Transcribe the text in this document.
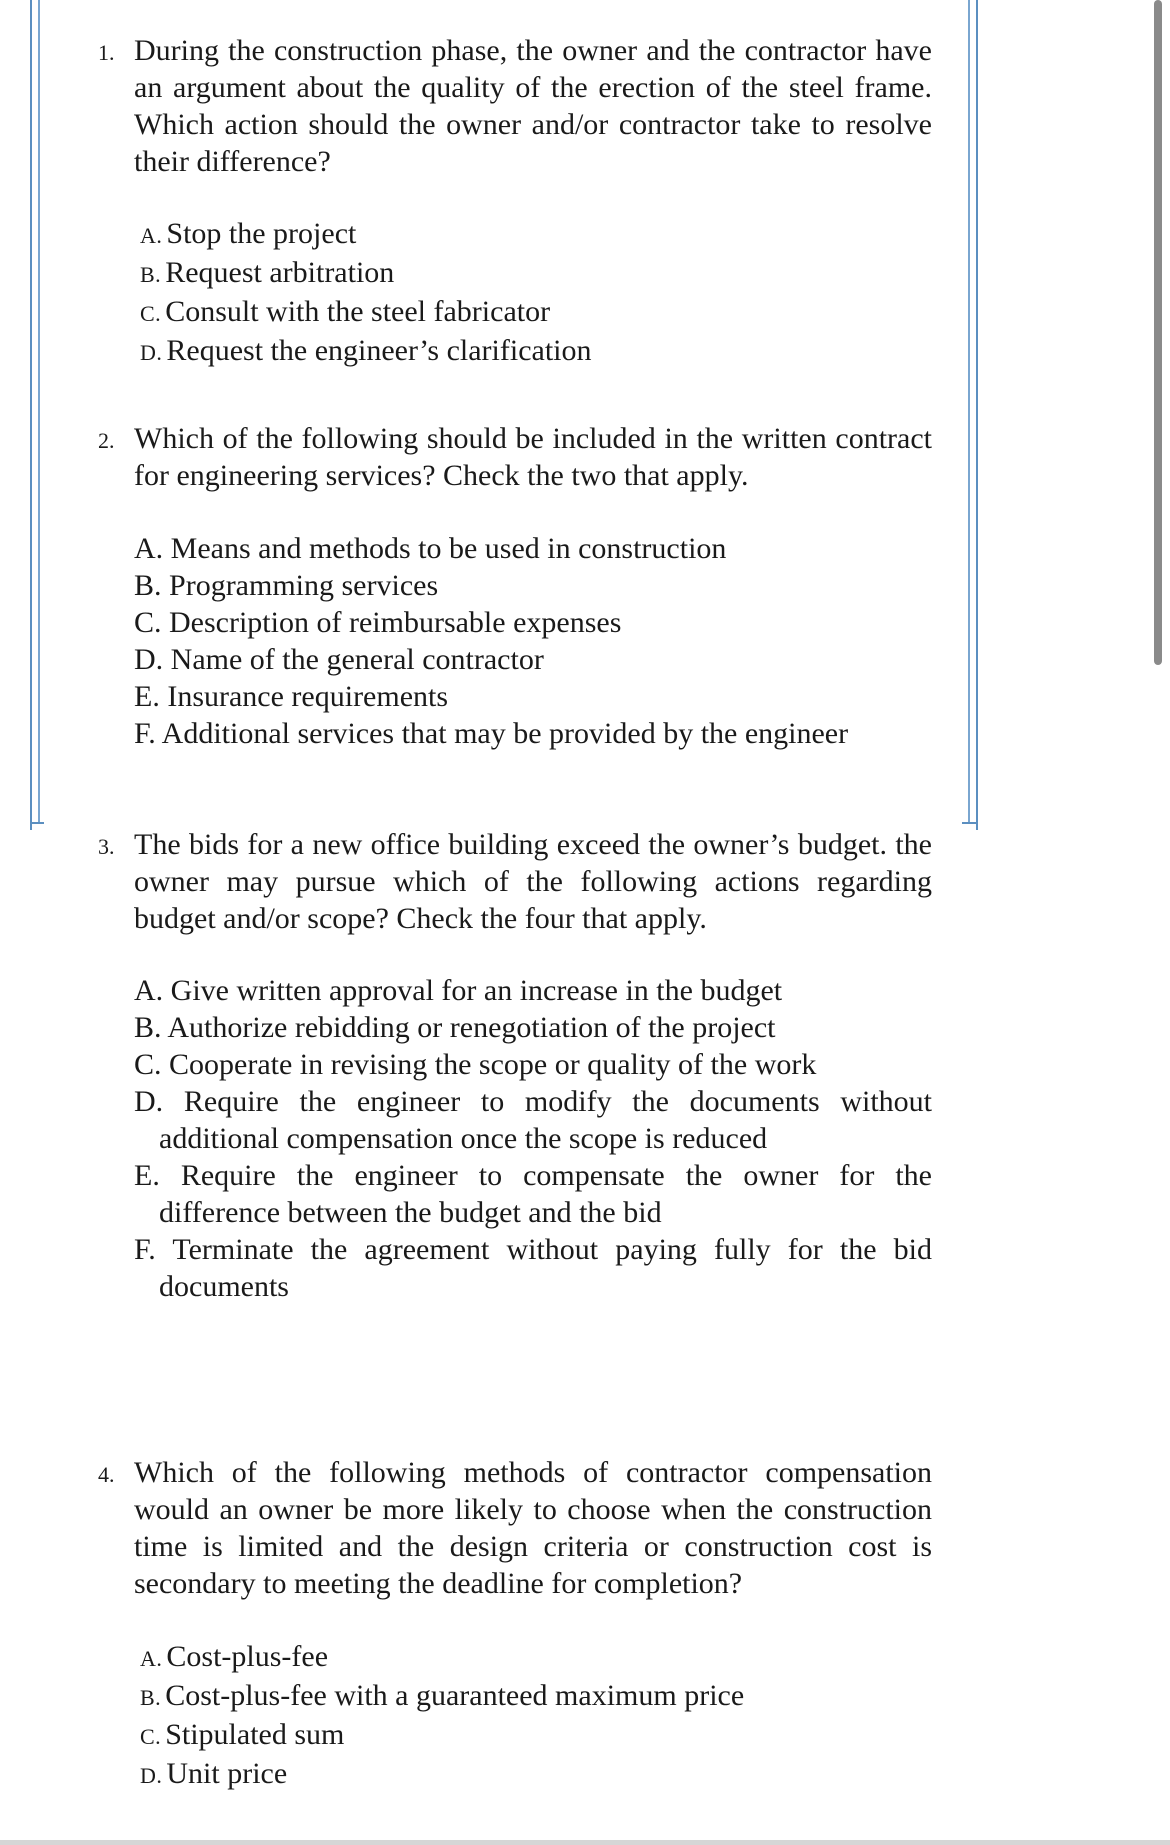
1. During the construction phase, the owner and the contractor have an argument about the quality of the erection of the steel frame. Which action should the owner and/or contractor take to resolve their difference?
A. Stop the project
B. Request arbitration
C. Consult with the steel fabricator
D. Request the engineer’s clarification
2. Which of the following should be included in the written contract for engineering services? Check the two that apply.
A. Means and methods to be used in construction
B. Programming services
C. Description of reimbursable expenses
D. Name of the general contractor
E. Insurance requirements
F. Additional services that may be provided by the engineer
3. The bids for a new office building exceed the owner’s budget. the owner may pursue which of the following actions regarding budget and/or scope? Check the four that apply.
A. Give written approval for an increase in the budget
B. Authorize rebidding or renegotiation of the project
C. Cooperate in revising the scope or quality of the work
D. Require the engineer to modify the documents without additional compensation once the scope is reduced
E. Require the engineer to compensate the owner for the difference between the budget and the bid
F. Terminate the agreement without paying fully for the bid documents
4. Which of the following methods of contractor compensation would an owner be more likely to choose when the construction time is limited and the design criteria or construction cost is secondary to meeting the deadline for completion?
A. Cost-plus-fee
B. Cost-plus-fee with a guaranteed maximum price
C. Stipulated sum
D. Unit price
